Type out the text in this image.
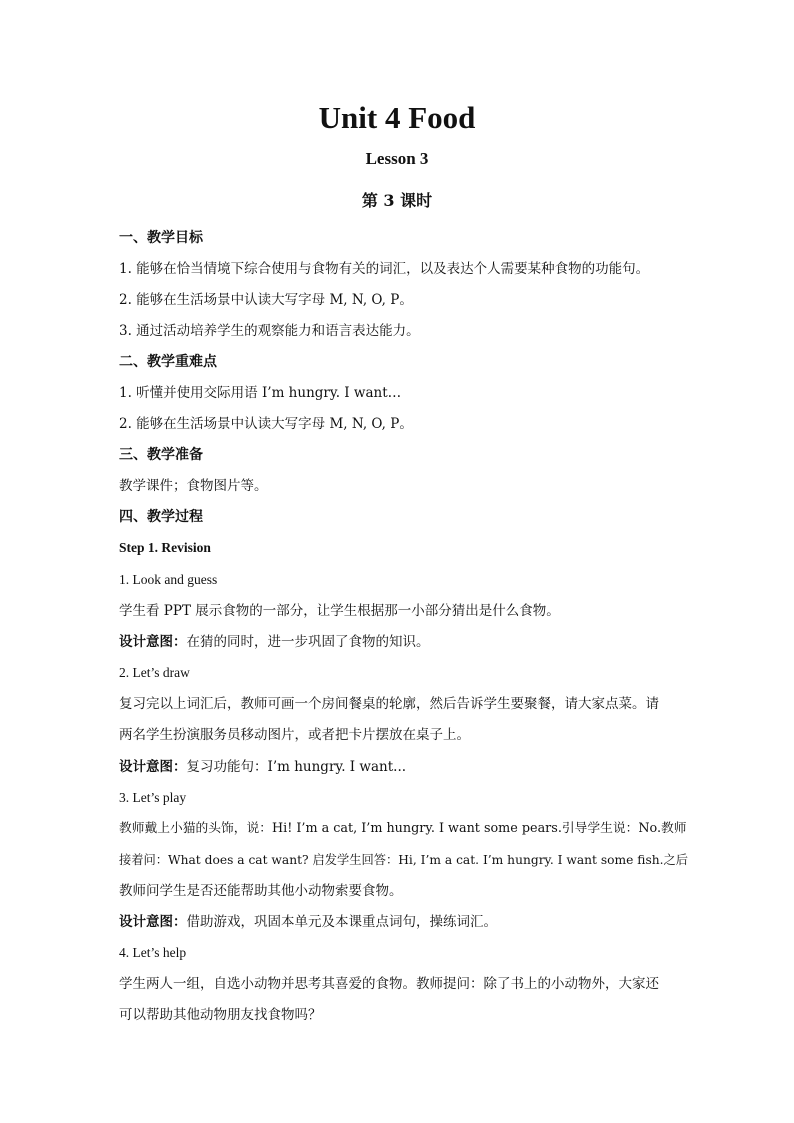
Unit 4 Food
Lesson 3
第 3 课时
一、教学目标
1. 能够在恰当情境下综合使用与食物有关的词汇，以及表达个人需要某种食物的功能句。
2. 能够在生活场景中认读大写字母 M, N, O, P。
3. 通过活动培养学生的观察能力和语言表达能力。
二、教学重难点
1. 听懂并使用交际用语 I’m hungry. I want…
2. 能够在生活场景中认读大写字母 M, N, O, P。
三、教学准备
教学课件；食物图片等。
四、教学过程
Step 1. Revision
1. Look and guess
学生看 PPT 展示食物的一部分，让学生根据那一小部分猜出是什么食物。
设计意图：在猜的同时，进一步巩固了食物的知识。
2. Let’s draw
复习完以上词汇后，教师可画一个房间餐桌的轮廓，然后告诉学生要聚餐，请大家点菜。请
两名学生扮演服务员移动图片，或者把卡片摆放在桌子上。
设计意图：复习功能句：I’m hungry. I want...
3. Let’s play
教师戴上小猫的头饰，说：Hi! I’m a cat, I’m hungry. I want some pears.引导学生说：No.教师
接着问：What does a cat want? 启发学生回答：Hi, I’m a cat. I’m hungry. I want some fish.之后
教师问学生是否还能帮助其他小动物索要食物。
设计意图：借助游戏，巩固本单元及本课重点词句，操练词汇。
4. Let’s help
学生两人一组，自选小动物并思考其喜爱的食物。教师提问：除了书上的小动物外，大家还
可以帮助其他动物朋友找食物吗？
